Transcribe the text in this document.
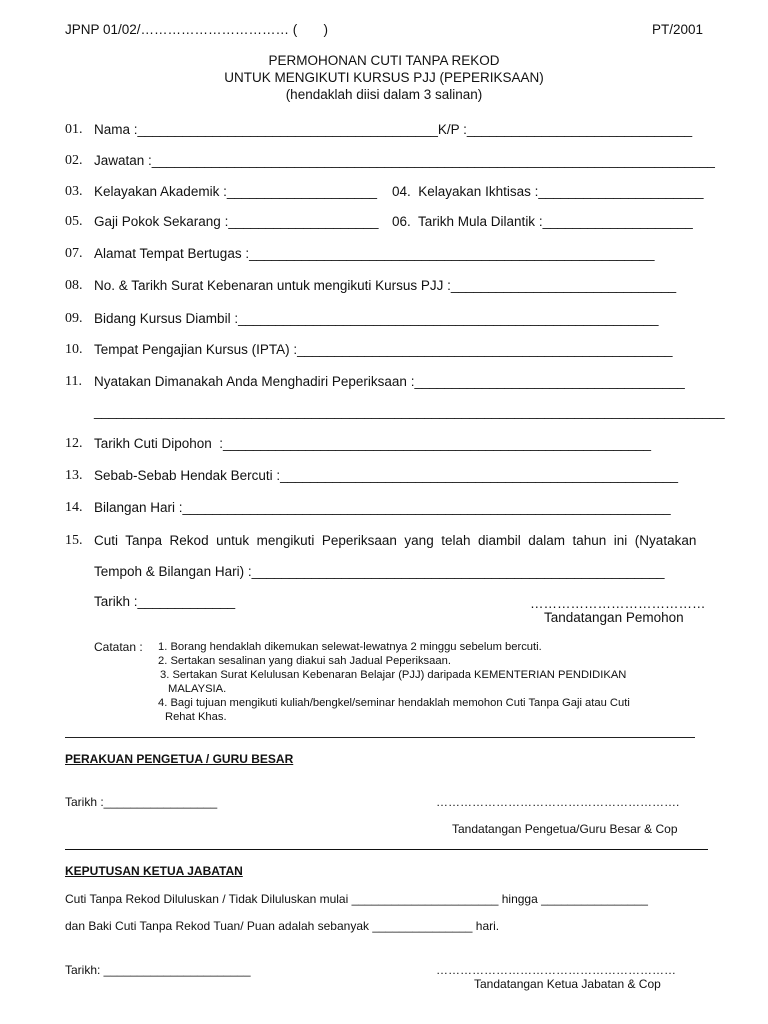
JPNP 01/02/…………………………… (       )	PT/2001
PERMOHONAN CUTI TANPA REKOD
UNTUK MENGIKUTI KURSUS PJJ (PEPERIKSAAN)
(hendaklah diisi dalam 3 salinan)
01. Nama :________________________________________K/P :______________________________
02. Jawatan :___________________________________________________________________________
03. Kelayakan Akademik :____________________ 04.  Kelayakan Ikhtisas :______________________
05. Gaji Pokok Sekarang :____________________ 06.  Tarikh Mula Dilantik :____________________
07. Alamat Tempat Bertugas :______________________________________________________
08. No. & Tarikh Surat Kebenaran untuk mengikuti Kursus PJJ :______________________________
09. Bidang Kursus Diambil :________________________________________________________
10. Tempat Pengajian Kursus (IPTA) :__________________________________________________
11. Nyatakan Dimanakah Anda Menghadiri Peperiksaan :____________________________________
____________________________________________________________________________________
12. Tarikh Cuti Dipohon  :_________________________________________________________
13. Sebab-Sebab Hendak Bercuti :_____________________________________________________
14. Bilangan Hari :_________________________________________________________________
15. Cuti  Tanpa  Rekod  untuk  mengikuti  Peperiksaan  yang  telah  diambil  dalam  tahun  ini  (Nyatakan
Tempoh & Bilangan Hari) :_______________________________________________________
Tarikh :_____________	…………………………………
Tandatangan Pemohon
Catatan : 1. Borang hendaklah dikemukan selewat-lewatnya 2 minggu sebelum bercuti.
2. Sertakan sesalinan yang diakui sah Jadual Peperiksaan.
3. Sertakan Surat Kelulusan Kebenaran Belajar (PJJ) daripada KEMENTERIAN PENDIDIKAN
MALAYSIA.
4. Bagi tujuan mengikuti kuliah/bengkel/seminar hendaklah memohon Cuti Tanpa Gaji atau Cuti
Rehat Khas.
PERAKUAN PENGETUA / GURU BESAR
Tarikh :_________________	…………………………………………………….
Tandatangan Pengetua/Guru Besar & Cop
KEPUTUSAN KETUA JABATAN
Cuti Tanpa Rekod Diluluskan / Tidak Diluluskan mulai ______________________ hingga ________________
dan Baki Cuti Tanpa Rekod Tuan/ Puan adalah sebanyak _______________ hari.
Tarikh: ______________________	……………………………………………………
Tandatangan Ketua Jabatan & Cop
